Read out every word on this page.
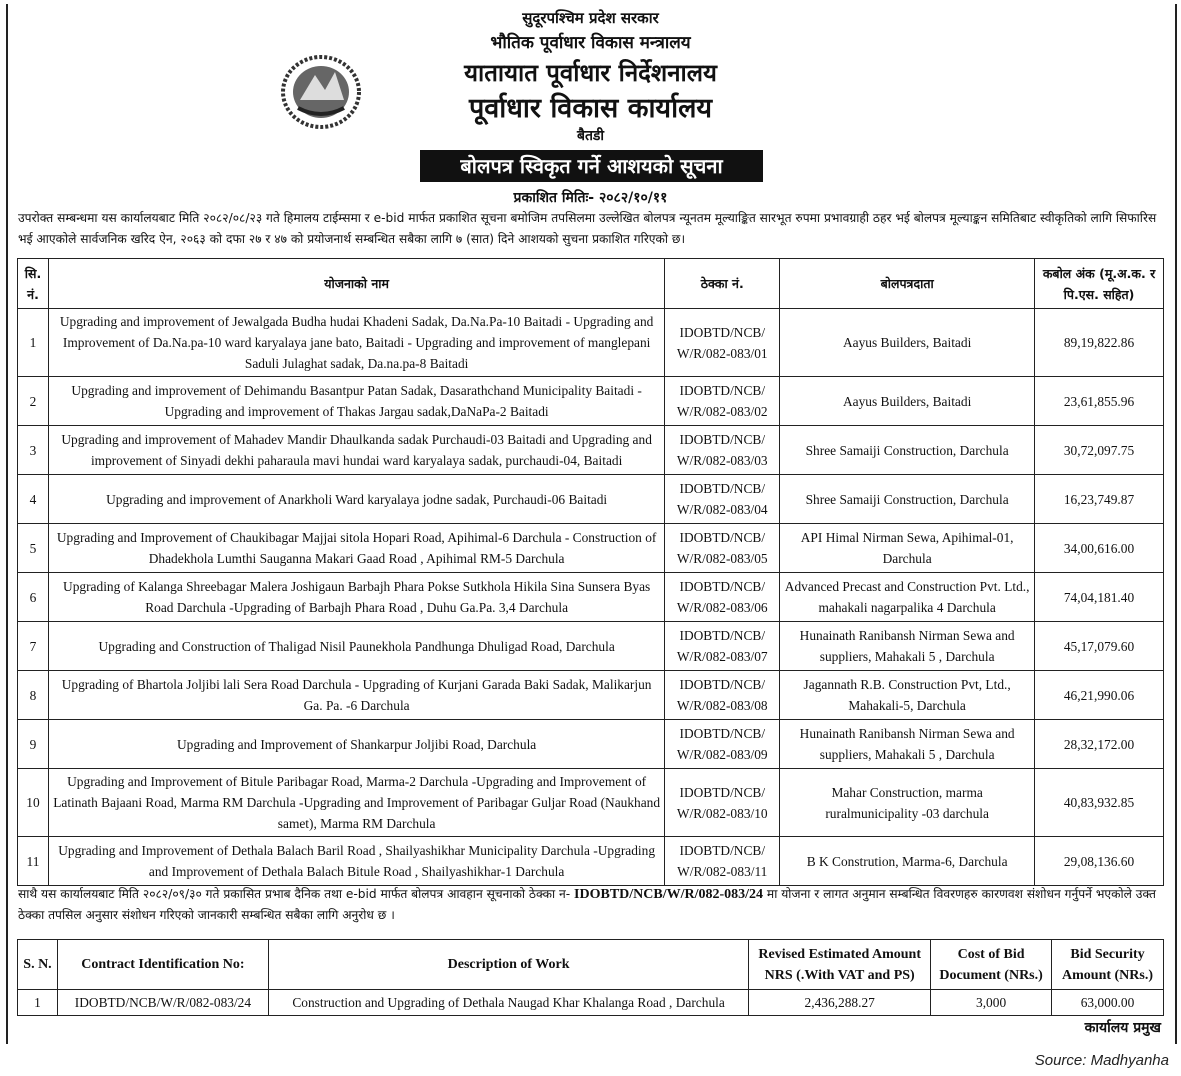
सुदूरपश्चिम प्रदेश सरकार
भौतिक पूर्वाधार विकास मन्त्रालय
यातायात पूर्वाधार निर्देशनालय
पूर्वाधार विकास कार्यालय
बैतडी
बोलपत्र स्विकृत गर्ने आशयको सूचना
प्रकाशित मितिः- २०८२/१०/११
उपरोक्त सम्बन्धमा यस कार्यालयबाट मिति २०८२/०८/२३ गते हिमालय टाईम्समा र e-bid मार्फत प्रकाशित सूचना बमोजिम तपसिलमा उल्लेखित बोलपत्र न्यूनतम मूल्याङ्कित सारभूत रुपमा प्रभावग्राही ठहर भई बोलपत्र मूल्याङ्कन समितिबाट स्वीकृतिको लागि सिफारिस भई आएकोले सार्वजनिक खरिद ऐन, २०६३ को दफा २७ र ४७ को प्रयोजनार्थ सम्बन्धित सबैका लागि ७ (सात) दिने आशयको सुचना प्रकाशित गरिएको छ।
सि. नं.	योजनाको नाम	ठेक्का नं.	बोलपत्रदाता	कबोल अंक (मू.अ.क. र पि.एस. सहित)
1	Upgrading and improvement of Jewalgada Budha hudai Khadeni Sadak, Da.Na.Pa-10 Baitadi - Upgrading and Improvement of Da.Na.pa-10 ward karyalaya jane bato, Baitadi - Upgrading and improvement of manglepani Saduli Julaghat sadak, Da.na.pa-8 Baitadi	IDOBTD/NCB/ W/R/082-083/01	Aayus Builders, Baitadi	89,19,822.86
2	Upgrading and improvement of Dehimandu Basantpur Patan Sadak, Dasarathchand Municipality Baitadi -Upgrading and improvement of Thakas Jargau sadak,DaNaPa-2 Baitadi	IDOBTD/NCB/ W/R/082-083/02	Aayus Builders, Baitadi	23,61,855.96
3	Upgrading and improvement of Mahadev Mandir Dhaulkanda sadak Purchaudi-03 Baitadi and Upgrading and improvement of Sinyadi dekhi paharaula mavi hundai ward karyalaya sadak, purchaudi-04, Baitadi	IDOBTD/NCB/ W/R/082-083/03	Shree Samaiji Construction, Darchula	30,72,097.75
4	Upgrading and improvement of Anarkholi Ward karyalaya jodne sadak, Purchaudi-06 Baitadi	IDOBTD/NCB/ W/R/082-083/04	Shree Samaiji Construction, Darchula	16,23,749.87
5	Upgrading and Improvement of Chaukibagar Majjai sitola Hopari Road, Apihimal-6 Darchula - Construction of Dhadekhola Lumthi Sauganna Makari Gaad Road , Apihimal RM-5 Darchula	IDOBTD/NCB/ W/R/082-083/05	API Himal Nirman Sewa, Apihimal-01, Darchula	34,00,616.00
6	Upgrading of Kalanga Shreebagar Malera Joshigaun Barbajh Phara Pokse Sutkhola Hikila Sina Sunsera Byas Road Darchula -Upgrading of Barbajh Phara Road , Duhu Ga.Pa. 3,4 Darchula	IDOBTD/NCB/ W/R/082-083/06	Advanced Precast and Construction Pvt. Ltd., mahakali nagarpalika 4 Darchula	74,04,181.40
7	Upgrading and Construction of Thaligad Nisil Paunekhola Pandhunga Dhuligad Road, Darchula	IDOBTD/NCB/ W/R/082-083/07	Hunainath Ranibansh Nirman Sewa and suppliers, Mahakali 5 , Darchula	45,17,079.60
8	Upgrading of Bhartola Joljibi lali Sera Road Darchula - Upgrading of Kurjani Garada Baki Sadak, Malikarjun Ga. Pa. -6 Darchula	IDOBTD/NCB/ W/R/082-083/08	Jagannath R.B. Construction Pvt, Ltd., Mahakali-5, Darchula	46,21,990.06
9	Upgrading and Improvement of Shankarpur Joljibi Road, Darchula	IDOBTD/NCB/ W/R/082-083/09	Hunainath Ranibansh Nirman Sewa and suppliers, Mahakali 5 , Darchula	28,32,172.00
10	Upgrading and Improvement of Bitule Paribagar Road, Marma-2 Darchula -Upgrading and Improvement of Latinath Bajaani Road, Marma RM Darchula -Upgrading and Improvement of Paribagar Guljar Road (Naukhand samet), Marma RM Darchula	IDOBTD/NCB/ W/R/082-083/10	Mahar Construction, marma ruralmunicipality -03 darchula	40,83,932.85
11	Upgrading and Improvement of Dethala Balach Baril Road , Shailyashikhar Municipality Darchula -Upgrading and Improvement of Dethala Balach Bitule Road , Shailyashikhar-1 Darchula	IDOBTD/NCB/ W/R/082-083/11	B K Constrution, Marma-6, Darchula	29,08,136.60
साथै यस कार्यालयबाट मिति २०८२/०९/३० गते प्रकासित प्रभाब दैनिक तथा e-bid मार्फत बोलपत्र आवहान सूचनाको ठेक्का न- IDOBTD/NCB/W/R/082-083/24 मा योजना र लागत अनुमान सम्बन्धित विवरणहरु कारणवश संशोधन गर्नुपर्ने भएकोले उक्त ठेक्का तपसिल अनुसार संशोधन गरिएको जानकारी सम्बन्धित सबैका लागि अनुरोध छ ।
S. N.	Contract Identification No:	Description of Work	Revised Estimated Amount NRS (.With VAT and PS)	Cost of Bid Document (NRs.)	Bid Security Amount (NRs.)
1	IDOBTD/NCB/W/R/082-083/24	Construction and Upgrading of Dethala Naugad Khar Khalanga Road , Darchula	2,436,288.27	3,000	63,000.00
कार्यालय प्रमुख
Source: Madhyanha
